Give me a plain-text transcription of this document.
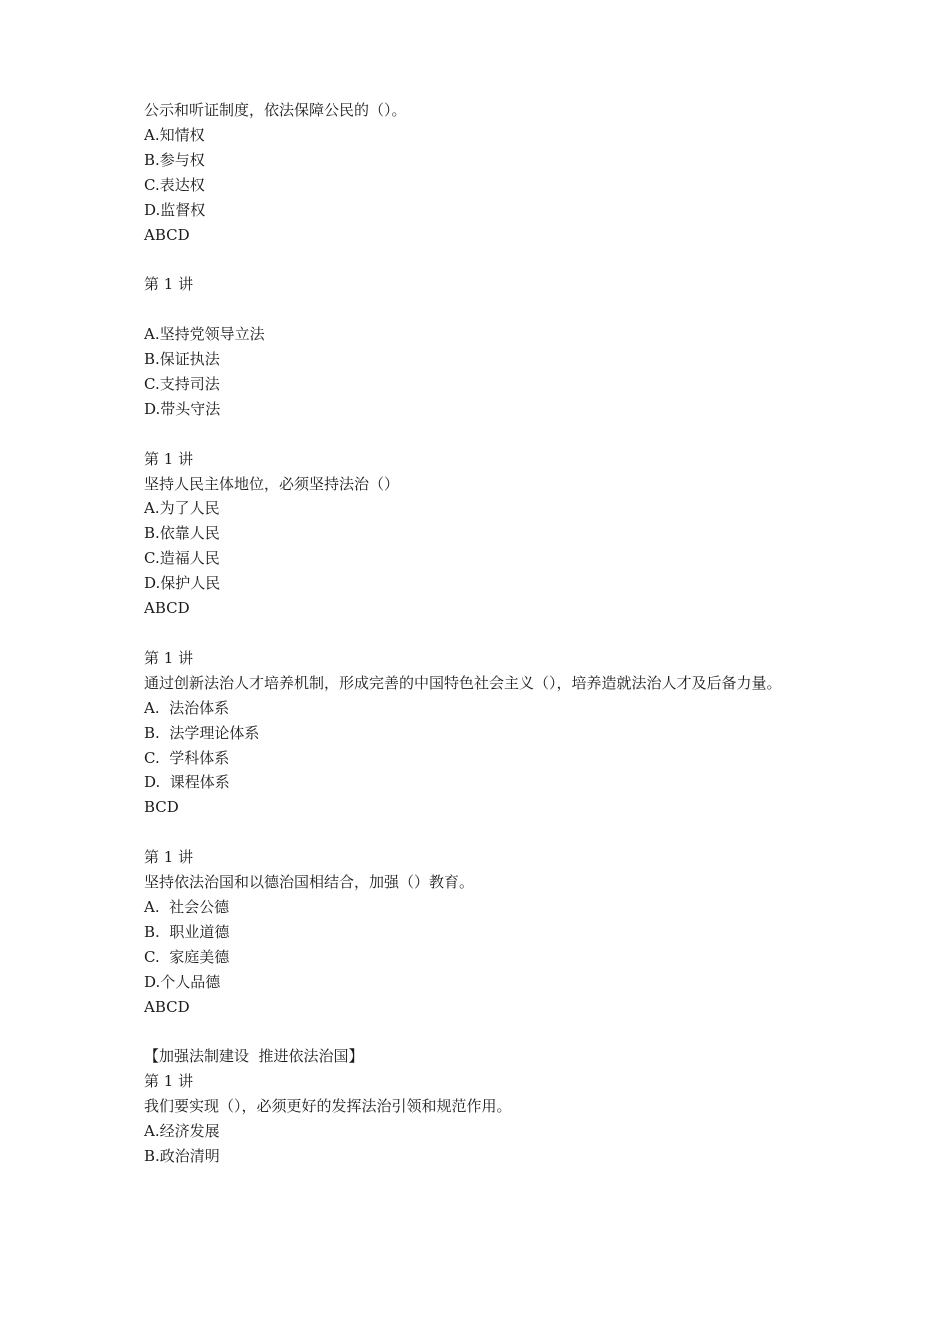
公示和听证制度，依法保障公民的（）。
A.知情权
B.参与权
C.表达权
D.监督权
ABCD
第 1 讲
A.坚持党领导立法
B.保证执法
C.支持司法
D.带头守法
第 1 讲
坚持人民主体地位，必须坚持法治（）
A.为了人民
B.依靠人民
C.造福人民
D.保护人民
ABCD
第 1 讲
通过创新法治人才培养机制，形成完善的中国特色社会主义（），培养造就法治人才及后备力量。
A.  法治体系
B.  法学理论体系
C.  学科体系
D.  课程体系
BCD
第 1 讲
坚持依法治国和以德治国相结合，加强（）教育。
A.  社会公德
B.  职业道德
C.  家庭美德
D.个人品德
ABCD
【加强法制建设  推进依法治国】
第 1 讲
我们要实现（），必须更好的发挥法治引领和规范作用。
A.经济发展
B.政治清明
